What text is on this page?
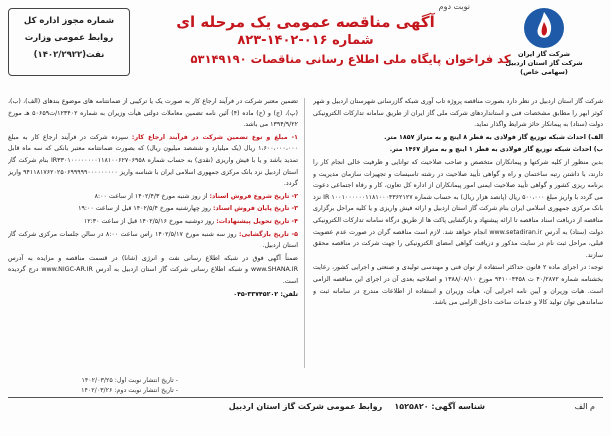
شرکت گاز ایران
شرکت گاز استان اردبیل
(سهامی خاص)
نوبت دوم
آگهی مناقصه عمومی یک مرحله ای
شماره ۰۱۶-۱۴۰۲-۸۲۳
کد فراخوان پایگاه ملی اطلاع رسانی مناقصات ۵۳۱۴۹۱۹۰
شماره مجوز اداره کل
روابط عمومی وزارت
نفت(۱۴۰۲/۲۹۲۲)

شرکت گاز استان اردبیل در نظر دارد بصورت مناقصه پروژه تاب آوری شبکه گازرسانی شهرستان اردبیل و شهر کوثر ابهر را مطابق مشخصات فنی و استانداردهای شرکت ملی گاز ایران از طریق سامانه تدارکات الکترونیکی دولت (ستاد) به پیمانکار حائز شرایط واگذار نماید.

الف) احداث شبکه توزیع گاز فولادی به قطر ۸ اینچ و به متراژ ۱۸۵۷ متر.

ب) احداث شبکه توزیع گاز فولادی به قطر ۱ اینچ و به متراژ ۱۴۶۷ متر.

بدین منظور از کلیه شرکتها و پیمانکاران متخصص و صاحب صلاحیت که توانایی و ظرفیت خالی انجام کار را دارند، با داشتن رتبه ساختمان و راه و گواهی تأیید صلاحیت در رشته تاسیسات و تجهیزات سازمان مدیریت و برنامه ریزی کشور و گواهی تأیید صلاحیت ایمنی امور پیمانکاران از اداره کل تعاون، کار و رفاه اجتماعی دعوت می گردد با واریز مبلغ ۵۰۰،۰۰۰ ریال (پانصد هزار ریال) به حساب شماره IR ۱۰۰۱۰۰۰۰۰۰۱۱۸۱۰۰۰۴۳۶۲۱۲۷ نزد بانک مرکزی جمهوری اسلامی ایران بنام شرکت گاز استان اردبیل و ارائه فیش واریزی و یا کلیه مراحل برگزاری مناقصه از دریافت اسناد مناقصه تا ارائه پیشنهاد و بازگشایی پاکت ها از طریق درگاه سامانه تدارکات الکترونیکی دولت (ستاد) به آدرس www.setadiran.ir انجام خواهد شد. لازم است مناقصه گران در صورت عدم عضویت قبلی، مراحل ثبت نام در سایت مذکور و دریافت گواهی امضای الکترونیکی را جهت شرکت در مناقصه محقق سازند.

توجه: در اجرای ماده ۲ قانون حداکثر استفاده از توان فنی و مهندسی تولیدی و صنعتی و اجرایی کشور، رعایت بخشنامه شماره ۴۰/۲۸۷۲ ت ۹۴۱۰۰۴۴۵۸ مورخ ۱۳۸۸/۰۸/۱۰ و اصلاحیه بعدی آن در اجرای این مناقصه الزامی است. هیات وزیران و آیین نامه اجرایی آن، هیأت وزیران و استفاده از اطلاعات مندرج در سامانه ثبت و ساماندهی توان تولید کالا و خدمات ساخت داخل الزامی می باشد.

تضمین معتبر شرکت در فرآیند ارجاع کار به صورت یک یا ترکیبی از ضمانتنامه های موضوع بندهای (الف)، (ب)، (پ)، (ج) و (ح) ماده (۴) آئین نامه تضمین معاملات دولتی هیأت وزیران به شماره ۱۲۳۴۰۲/ت۵۰۶۵۹ هـ مورخ ۱۳۹۴/۹/۲۲ می باشد.

۱- مبلغ و نوع تضمین شرکت در فرآیند ارجاع کار: سپرده شرکت در فرآیند ارجاع کار به مبلغ ۱،۶۰۰،۰۰۰،۰۰۰ ریال (یک میلیارد و ششصد میلیون ریال) که بصورت ضمانتنامه معتبر بانکی که سه ماه قابل تمدید باشد و یا با فیش واریزی (نقدی) به حساب شماره IR۳۳۰۱۰۰۰۰۰۰۰۰۱۱۸۱۰۰۶۲۷۰۶۹۵۸ بنام شرکت گاز استان اردبیل نزد بانک مرکزی جمهوری اسلامی ایران با شناسه واریز ۹۴۱۱۸۱۷۶۲۰۲۵۰۶۹۹۹۹۹۰۰۰۰۰۰۰۰۰ واریز گردد.

۲- تاریخ شروع فروش اسناد: از روز شنبه مورخ ۱۴۰۲/۴/۳ از ساعت ۸:۰۰

۳- تاریخ پایان فروش اسناد: روز چهارشنبه مورخ ۱۴۰۲/۵/۴ قبل از ساعت ۱۹:۰۰

۴- تاریخ تحویل پیشنهادات: روز دوشنبه مورخ ۱۴۰۲/۵/۱۶ قبل از ساعت ۱۲:۳۰

۵- تاریخ بازگشایی: روز سه شنبه مورخ ۱۴۰۲/۵/۱۷ راس ساعت ۸:۰۰ در سالن جلسات مرکزی شرکت گاز استان اردبیل.

ضمناً آگهی فوق در شبکه اطلاع رسانی نفت و انرژی (شانا) در قسمت مناقصه و مزایده به آدرس www.SHANA.IR و شبکه اطلاع رسانی شرکت گاز استان اردبیل به آدرس www.NIGC-AR.IR درج گردیده است.

تلفن: ۳۳۷۴۵۲۰۲-۰۴۵

- تاریخ انتشار نوبت اول: ۱۴۰۲/۰۳/۲۵
- تاریخ انتشار نوبت دوم: ۱۴۰۲/۰۳/۲۶
م الف
شناسه آگهی: ۱۵۲۵۸۲۰
روابط عمومی شرکت گاز استان اردبیل
